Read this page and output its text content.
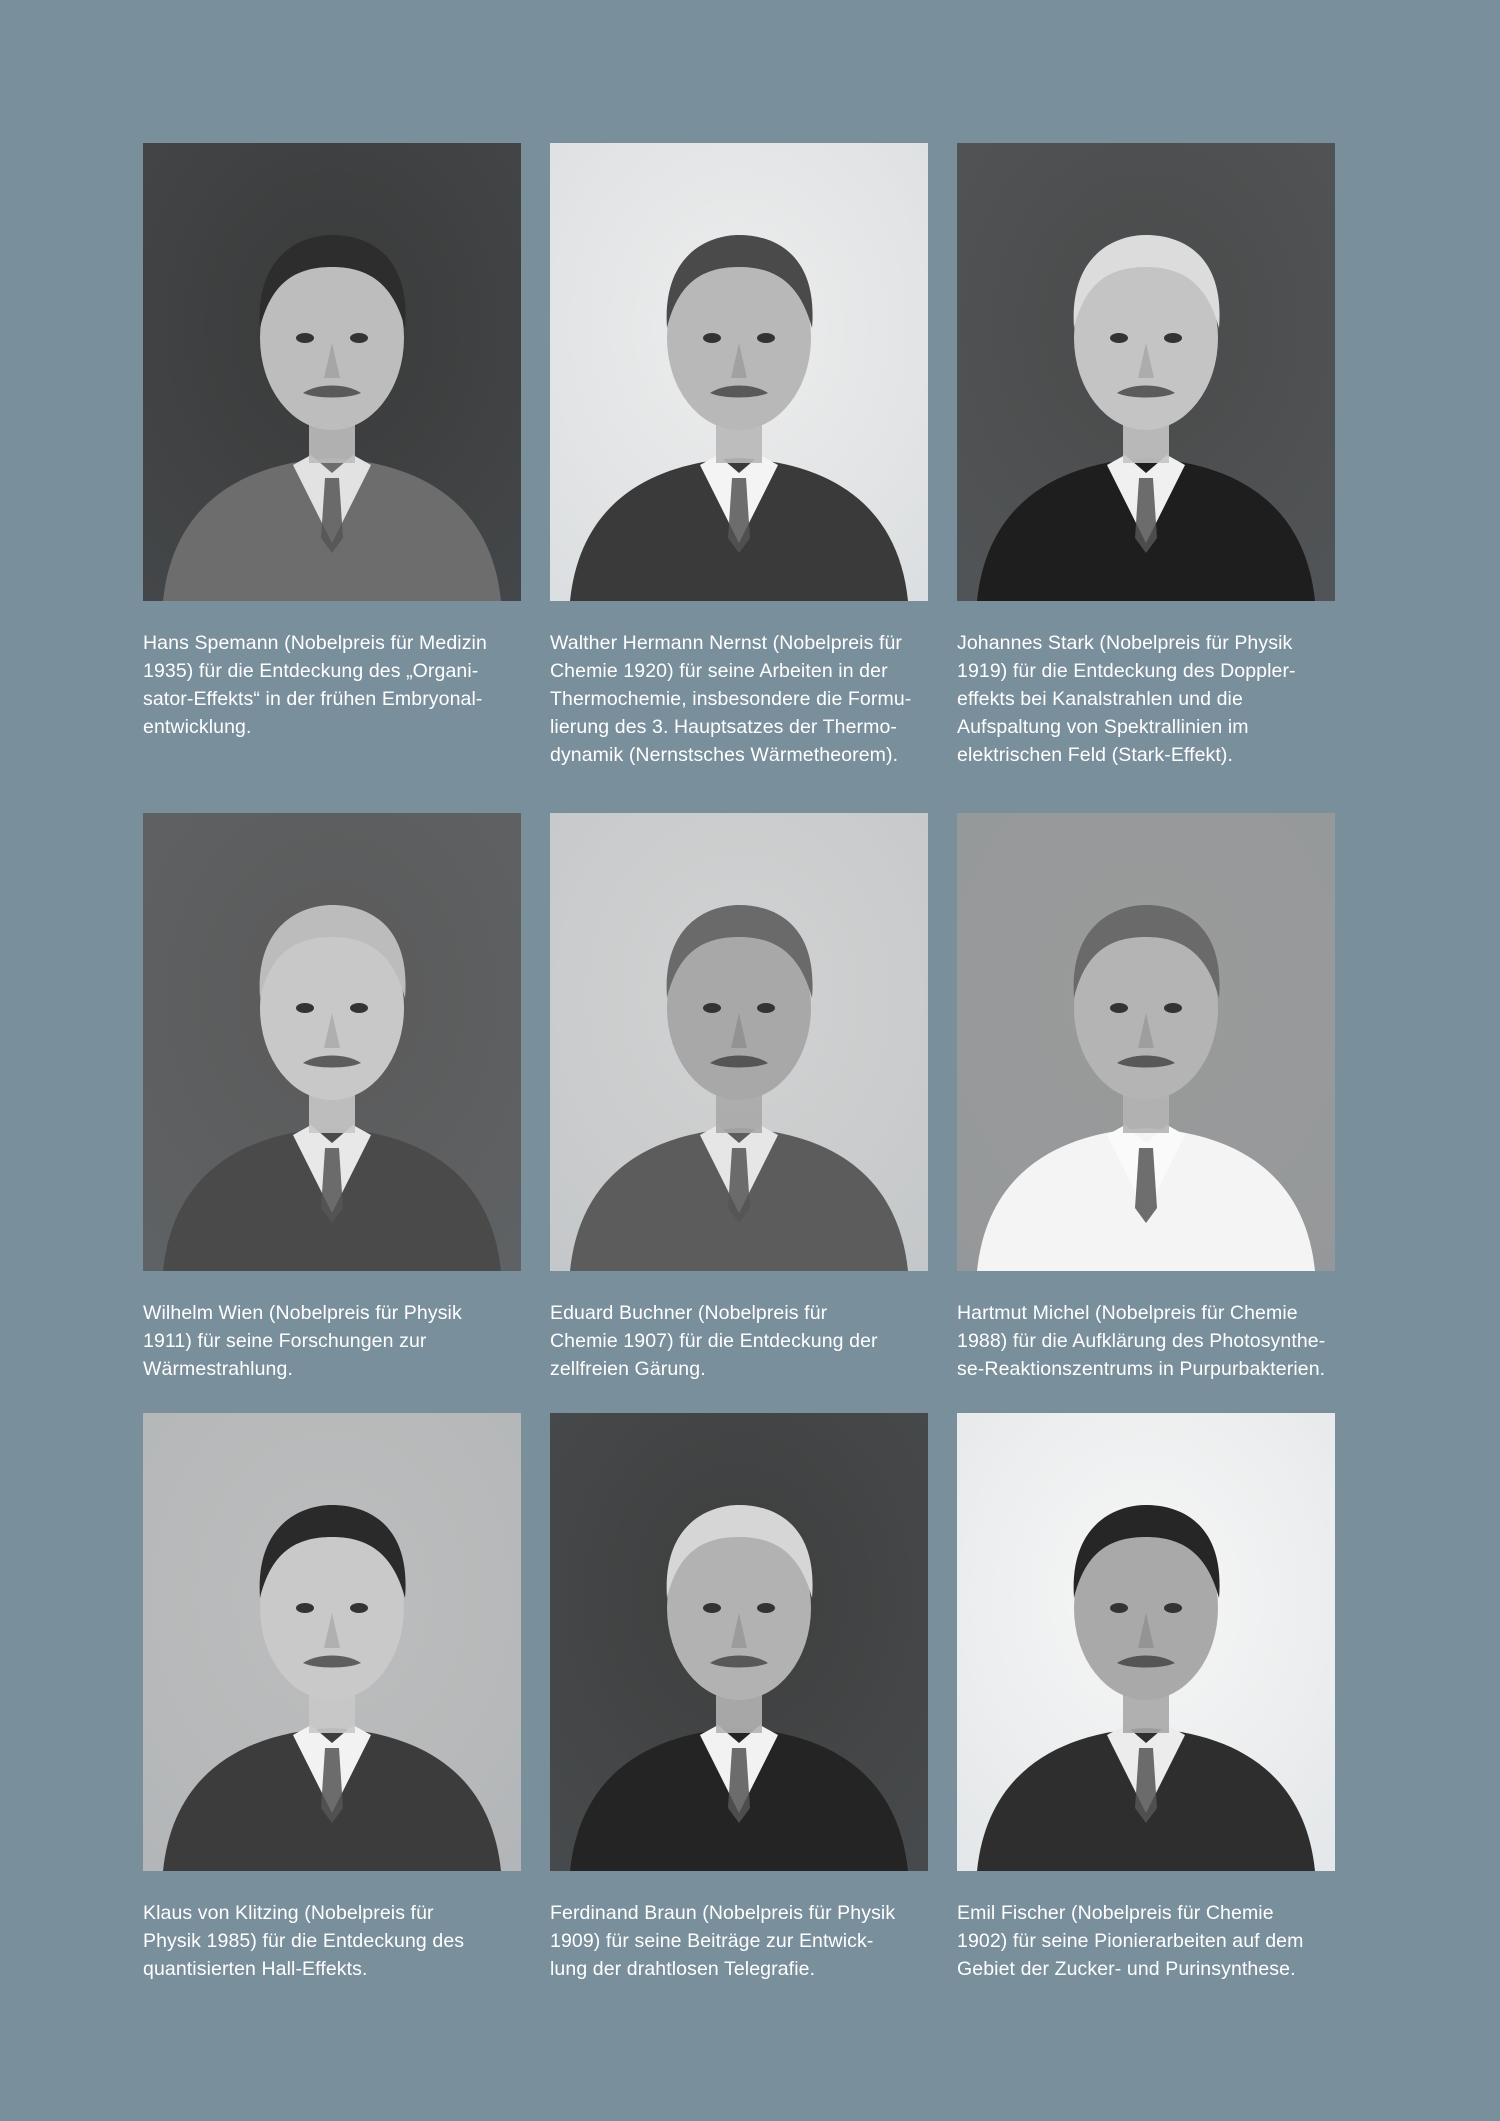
Hans Spemann (Nobelpreis für Medizin
1935) für die Entdeckung des „Organi-
sator-Effekts“ in der frühen Embryonal-
entwicklung.

Walther Hermann Nernst (Nobelpreis für
Chemie 1920) für seine Arbeiten in der
Thermochemie, insbesondere die Formu-
lierung des 3. Hauptsatzes der Thermo-
dynamik (Nernstsches Wärmetheorem).

Johannes Stark (Nobelpreis für Physik
1919) für die Entdeckung des Doppler-
effekts bei Kanalstrahlen und die
Aufspaltung von Spektrallinien im
elektrischen Feld (Stark-Effekt).

Wilhelm Wien (Nobelpreis für Physik
1911) für seine Forschungen zur
Wärmestrahlung.

Eduard Buchner (Nobelpreis für
Chemie 1907) für die Entdeckung der
zellfreien Gärung.

Hartmut Michel (Nobelpreis für Chemie
1988) für die Aufklärung des Photosynthe-
se-Reaktionszentrums in Purpurbakterien.

Klaus von Klitzing (Nobelpreis für
Physik 1985) für die Entdeckung des
quantisierten Hall-Effekts.

Ferdinand Braun (Nobelpreis für Physik
1909) für seine Beiträge zur Entwick-
lung der drahtlosen Telegrafie.

Emil Fischer (Nobelpreis für Chemie
1902) für seine Pionierarbeiten auf dem
Gebiet der Zucker- und Purinsynthese.
